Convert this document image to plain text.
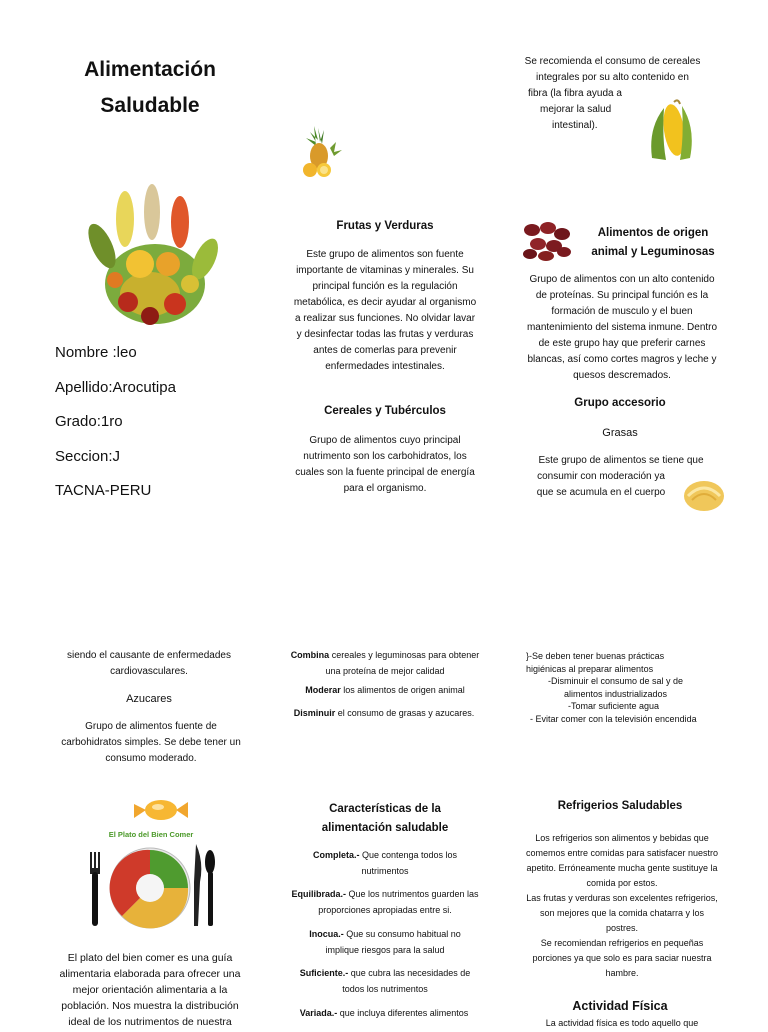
Alimentación
Saludable
Nombre :leo
Apellido:Arocutipa
Grado:1ro
Seccion:J
TACNA-PERU
Frutas y Verduras
Este grupo de alimentos son fuente importante de vitaminas y minerales. Su principal función es la regulación metabólica, es decir ayudar al organismo a realizar sus funciones. No olvidar lavar y desinfectar todas las frutas y verduras antes de comerlas para prevenir enfermedades intestinales.
Cereales y Tubérculos
Grupo de alimentos cuyo principal nutrimento son los carbohidratos, los cuales son la fuente principal de energía para el organismo.
Se recomienda el consumo de cereales
integrales por su alto contenido en
fibra (la fibra ayuda a
mejorar la salud
intestinal).
Alimentos de origen
animal y Leguminosas
Grupo de alimentos con un alto contenido de proteínas. Su principal función es la formación de musculo y el buen mantenimiento del sistema inmune. Dentro de este grupo hay que preferir carnes blancas, así como cortes magros y leche y quesos descremados.
Grupo accesorio
Grasas
Este grupo de alimentos se tiene que
consumir con moderación ya
que se acumula en el cuerpo
siendo el causante de enfermedades cardiovasculares.
Azucares
Grupo de alimentos fuente de carbohidratos simples. Se debe tener un consumo moderado.
El Plato del Bien Comer
El plato del bien comer es una guía alimentaria elaborada para ofrecer una mejor orientación alimentaria a la población. Nos muestra la distribución ideal de los nutrimentos de nuestra
Combina cereales y leguminosas para obtener una proteína de mejor calidad
Moderar los alimentos de origen animal
Disminuir el consumo de grasas y azucares.
Características de la alimentación saludable
Completa.- Que contenga todos los nutrimentos
Equilibrada.- Que los nutrimentos guarden las proporciones apropiadas entre si.
Inocua.- Que su consumo habitual no implique riesgos para la salud
Suficiente.- que cubra las necesidades de todos los nutrimentos
Variada.- que incluya diferentes alimentos
}-Se deben tener buenas prácticas
higiénicas al preparar alimentos
-Disminuir el consumo de sal y de
alimentos industrializados
-Tomar suficiente agua
- Evitar comer con la televisión encendida
Refrigerios Saludables
Los refrigerios son alimentos y bebidas que comemos entre comidas para satisfacer nuestro apetito. Erróneamente mucha gente sustituye la comida por estos.
Las frutas y verduras son excelentes refrigerios, son mejores que la comida chatarra y los postres.
Se recomiendan refrigerios en pequeñas porciones ya que solo es para saciar nuestra hambre.
Actividad Física
La actividad física es todo aquello que
